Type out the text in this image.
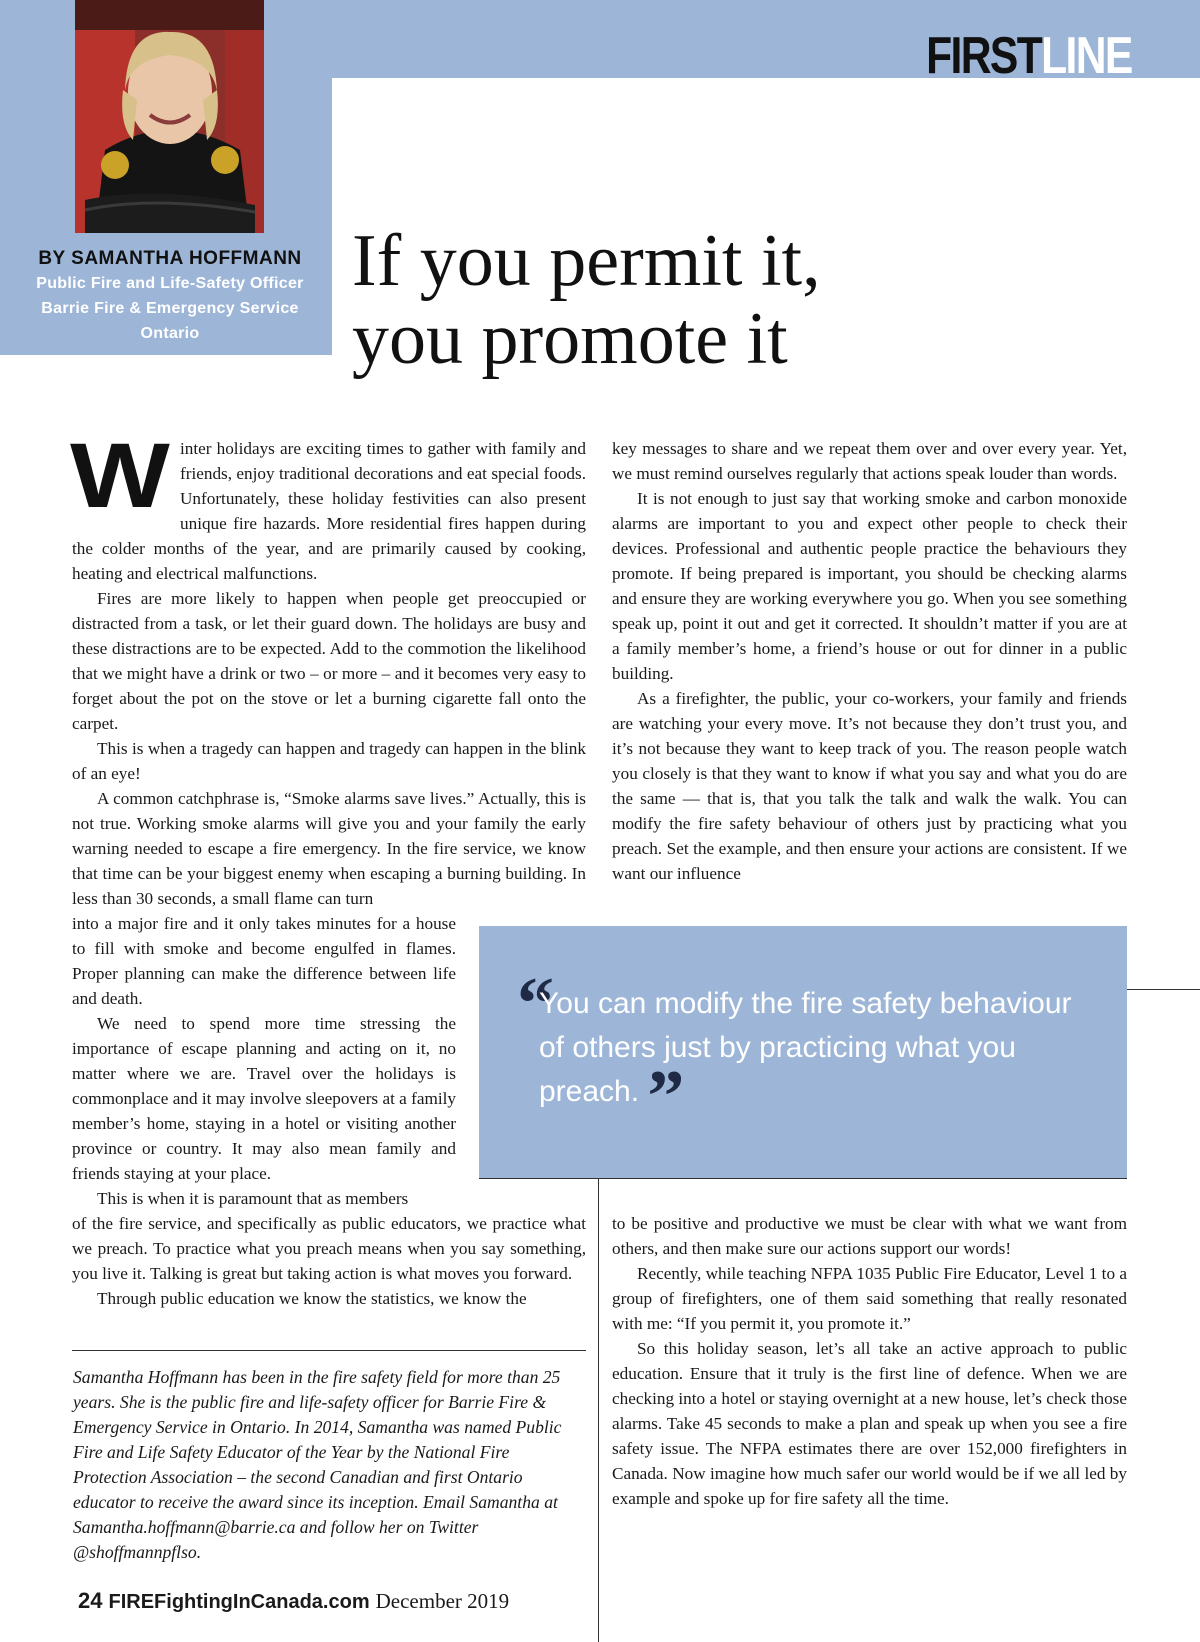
FIRSTLINE
BY SAMANTHA HOFFMANN
Public Fire and Life-Safety Officer
Barrie Fire & Emergency Service
Ontario
If you permit it,
you promote it

Winter holidays are exciting times to gather with family and friends, enjoy traditional decorations and eat special foods. Unfortunately, these holiday festivities can also present unique fire hazards. More residential fires happen during the colder months of the year, and are primarily caused by cooking, heating and electrical malfunctions.

Fires are more likely to happen when people get preoccupied or distracted from a task, or let their guard down. The holidays are busy and these distractions are to be expected. Add to the commotion the likelihood that we might have a drink or two – or more – and it becomes very easy to forget about the pot on the stove or let a burning cigarette fall onto the carpet.

This is when a tragedy can happen and tragedy can happen in the blink of an eye!

A common catchphrase is, “Smoke alarms save lives.” Actually, this is not true. Working smoke alarms will give you and your family the early warning needed to escape a fire emergency. In the fire service, we know that time can be your biggest enemy when escaping a burning building. In less than 30 seconds, a small flame can turn

into a major fire and it only takes minutes for a house to fill with smoke and become engulfed in flames. Proper planning can make the difference between life and death.

We need to spend more time stressing the importance of escape planning and acting on it, no matter where we are. Travel over the holidays is commonplace and it may involve sleepovers at a family member’s home, staying in a hotel or visiting another province or country. It may also mean family and friends staying at your place.

This is when it is paramount that as members

of the fire service, and specifically as public educators, we practice what we preach. To practice what you preach means when you say something, you live it. Talking is great but taking action is what moves you forward.

Through public education we know the statistics, we know the

key messages to share and we repeat them over and over every year. Yet, we must remind ourselves regularly that actions speak louder than words.

It is not enough to just say that working smoke and carbon monoxide alarms are important to you and expect other people to check their devices. Professional and authentic people practice the behaviours they promote. If being prepared is important, you should be checking alarms and ensure they are working everywhere you go. When you see something speak up, point it out and get it corrected. It shouldn’t matter if you are at a family member’s home, a friend’s house or out for dinner in a public building.

As a firefighter, the public, your co-workers, your family and friends are watching your every move. It’s not because they don’t trust you, and it’s not because they want to keep track of you. The reason people watch you closely is that they want to know if what you say and what you do are the same — that is, that you talk the talk and walk the walk. You can modify the fire safety behaviour of others just by practicing what you preach. Set the example, and then ensure your actions are consistent. If we want our influence

“
You can modify the fire safety behaviour of others just by practicing what you preach. ”

to be positive and productive we must be clear with what we want from others, and then make sure our actions support our words!

Recently, while teaching NFPA 1035 Public Fire Educator, Level 1 to a group of firefighters, one of them said something that really resonated with me: “If you permit it, you promote it.”

So this holiday season, let’s all take an active approach to public education. Ensure that it truly is the first line of defence. When we are checking into a hotel or staying overnight at a new house, let’s check those alarms. Take 45 seconds to make a plan and speak up when you see a fire safety issue. The NFPA estimates there are over 152,000 firefighters in Canada. Now imagine how much safer our world would be if we all led by example and spoke up for fire safety all the time.

Samantha Hoffmann has been in the fire safety field for more than 25 years. She is the public fire and life-safety officer for Barrie Fire & Emergency Service in Ontario. In 2014, Samantha was named Public Fire and Life Safety Educator of the Year by the National Fire Protection Association – the second Canadian and first Ontario educator to receive the award since its inception. Email Samantha at Samantha.hoffmann@barrie.ca and follow her on Twitter @shoffmannpflso.
24 FIREFightingInCanada.com December 2019
